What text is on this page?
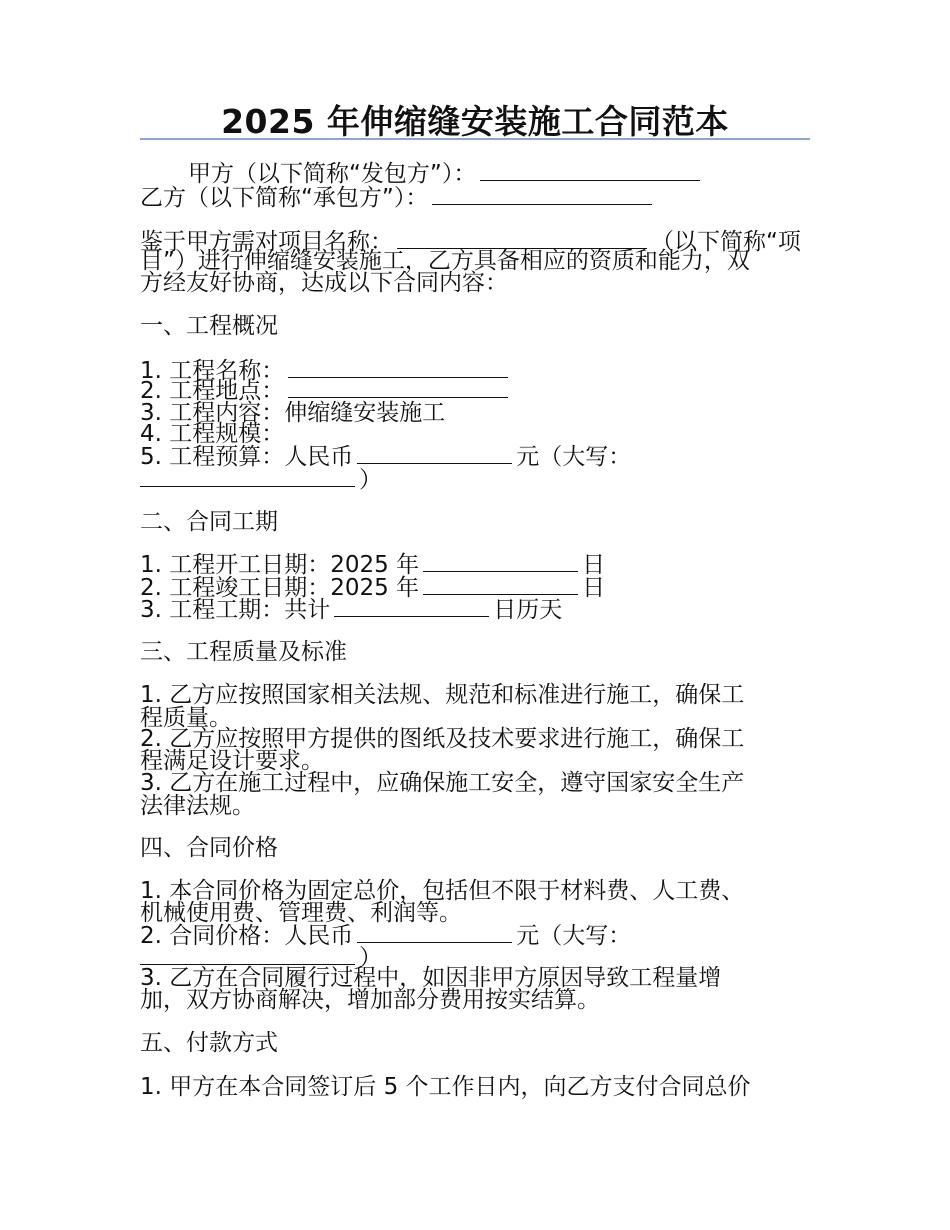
2025 年伸缩缝安装施工合同范本
甲方（以下简称“发包方”）：
乙方（以下简称“承包方”）：
鉴于甲方需对项目名称：	（以下简称“项
目”）进行伸缩缝安装施工，乙方具备相应的资质和能力，双
方经友好协商，达成以下合同内容：
一、工程概况
1. 工程名称：
2. 工程地点：
3. 工程内容：伸缩缝安装施工
4. 工程规模：
5. 工程预算：人民币	元（大写：
）
二、合同工期
1. 工程开工日期：2025 年	日
2. 工程竣工日期：2025 年	日
3. 工程工期：共计	日历天
三、工程质量及标准
1. 乙方应按照国家相关法规、规范和标准进行施工，确保工
程质量。
2. 乙方应按照甲方提供的图纸及技术要求进行施工，确保工
程满足设计要求。
3. 乙方在施工过程中，应确保施工安全，遵守国家安全生产
法律法规。
四、合同价格
1. 本合同价格为固定总价，包括但不限于材料费、人工费、
机械使用费、管理费、利润等。
2. 合同价格：人民币	元（大写：
）
3. 乙方在合同履行过程中，如因非甲方原因导致工程量增
加，双方协商解决，增加部分费用按实结算。
五、付款方式
1. 甲方在本合同签订后 5 个工作日内，向乙方支付合同总价
